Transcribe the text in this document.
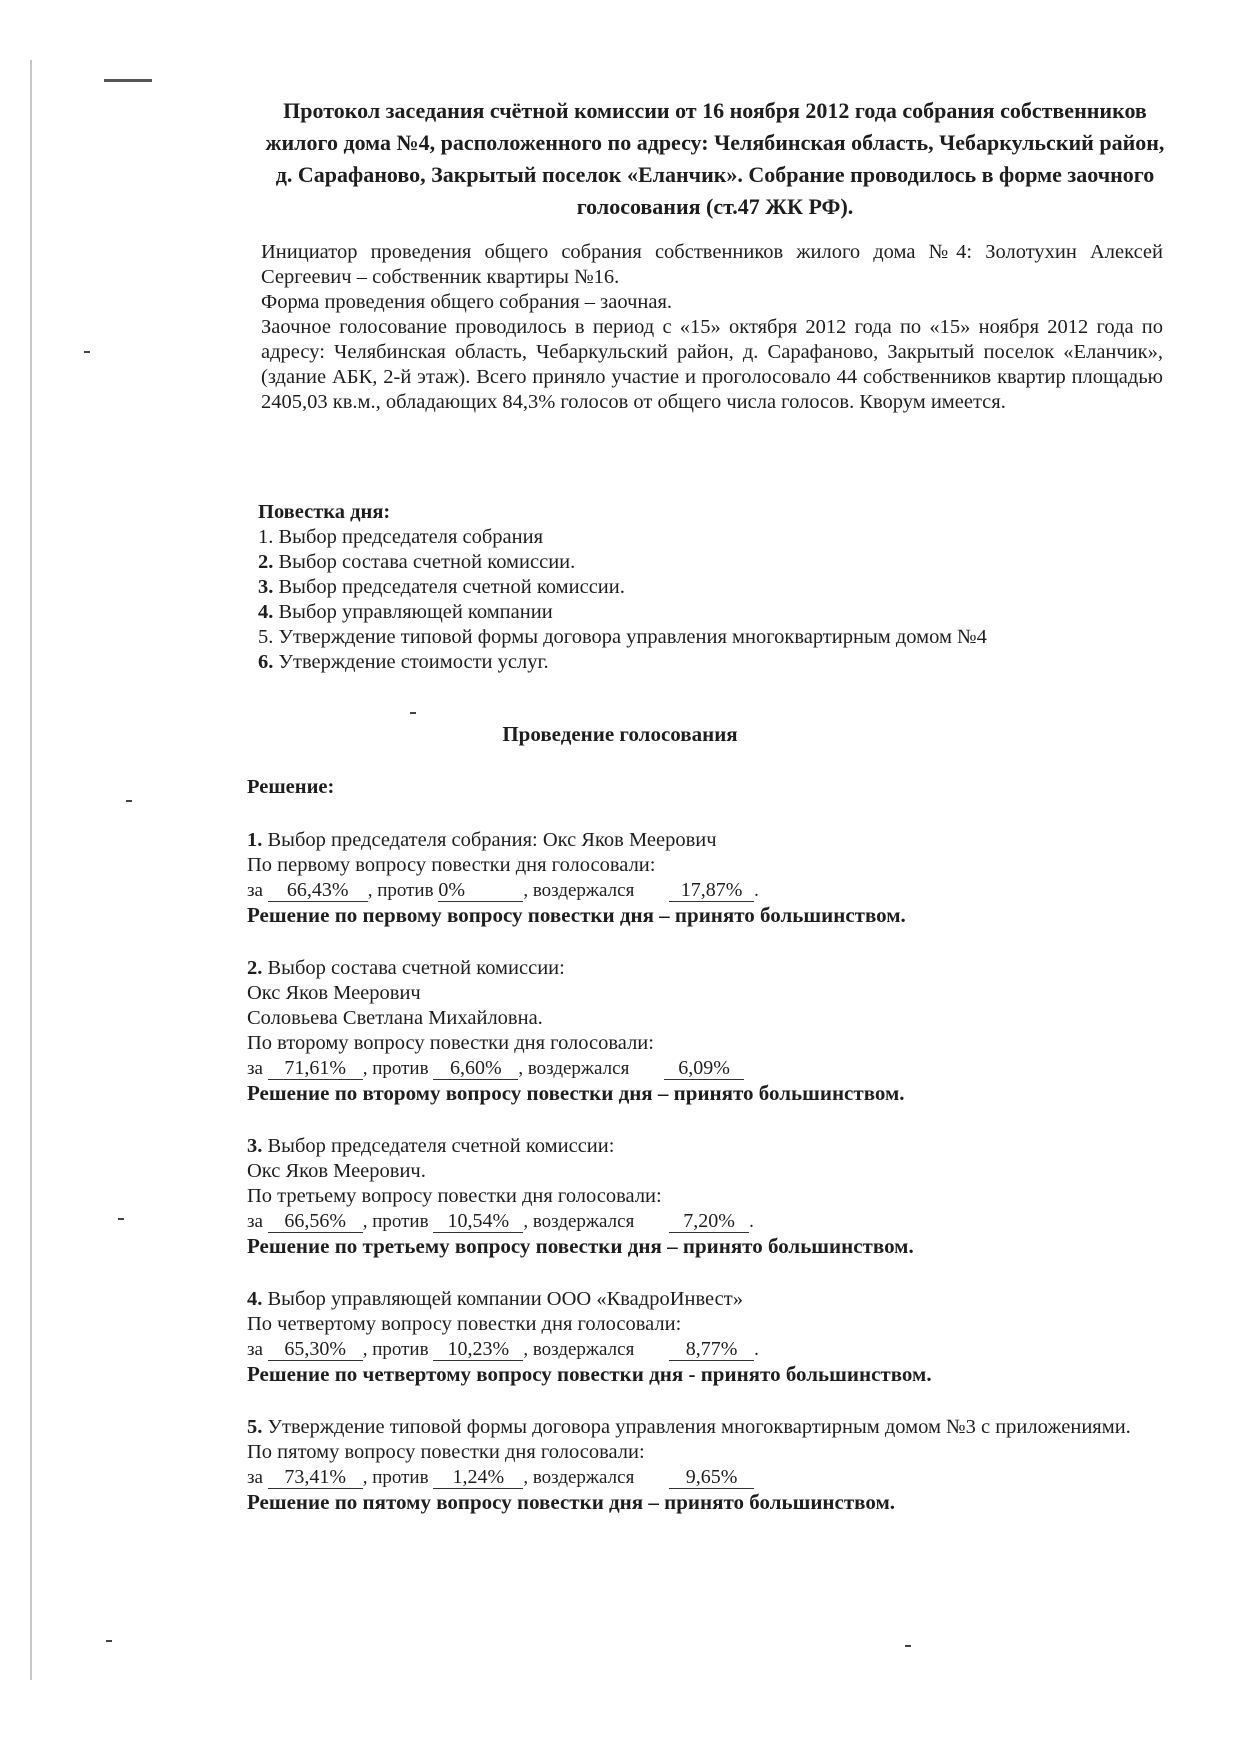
Протокол заседания счётной комиссии от 16 ноября 2012 года собрания собственников жилого дома №4, расположенного по адресу: Челябинская область, Чебаркульский район, д. Сарафаново, Закрытый поселок «Еланчик». Собрание проводилось в форме заочного голосования (ст.47 ЖК РФ).

Инициатор проведения общего собрания собственников жилого дома №4: Золотухин Алексей Сергеевич – собственник квартиры №16.

Форма проведения общего собрания – заочная.

Заочное голосование проводилось в период с «15» октября 2012 года по «15» ноября 2012 года по адресу: Челябинская область, Чебаркульский район, д. Сарафаново, Закрытый поселок «Еланчик», (здание АБК, 2-й этаж). Всего приняло участие и проголосовало 44 собственников квартир площадью 2405,03 кв.м., обладающих 84,3% голосов от общего числа голосов. Кворум имеется.

Повестка дня:
1. Выбор председателя собрания
2. Выбор состава счетной комиссии.
3. Выбор председателя счетной комиссии.
4. Выбор управляющей компании
5. Утверждение типовой формы договора управления многоквартирным домом №4
6. Утверждение стоимости услуг.
Проведение голосования
Решение:
1. Выбор председателя собрания: Окс Яков Меерович
По первому вопросу повестки дня голосовали:
за 66,43% , против 0%	, воздержался 17,87% .
Решение по первому вопросу повестки дня – принято большинством.
2. Выбор состава счетной комиссии:
Окс Яков Меерович
Соловьева Светлана Михайловна.
По второму вопросу повестки дня голосовали:
за 71,61% , против 6,60% , воздержался 6,09%
Решение по второму вопросу повестки дня – принято большинством.
3. Выбор председателя счетной комиссии:
Окс Яков Меерович.
По третьему вопросу повестки дня голосовали:
за 66,56% , против 10,54% , воздержался 7,20% .
Решение по третьему вопросу повестки дня – принято большинством.
4. Выбор управляющей компании ООО «КвадроИнвест»
По четвертому вопросу повестки дня голосовали:
за 65,30% , против 10,23% , воздержался	8,77% .
Решение по четвертому вопросу повестки дня - принято большинством.
5. Утверждение типовой формы договора управления многоквартирным домом №3 с приложениями.
По пятому вопросу повестки дня голосовали:
за 73,41% , против 1,24% , воздержался	9,65%
Решение по пятому вопросу повестки дня – принято большинством.
